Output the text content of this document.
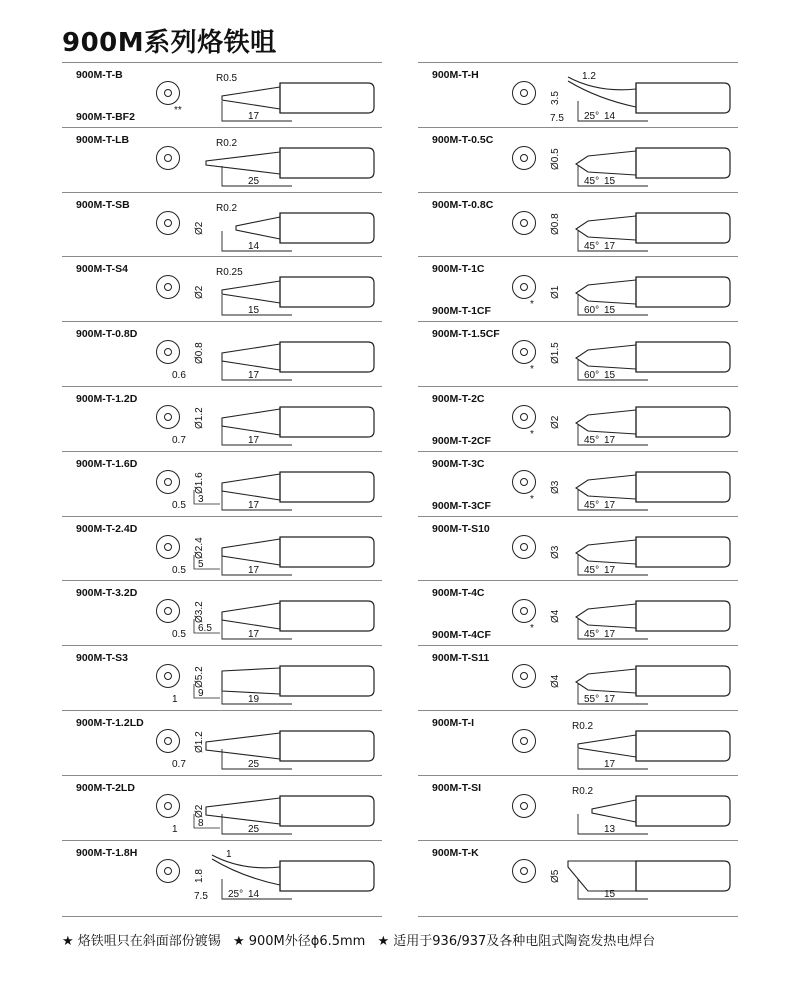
900M系列烙铁咀
900M-T-B
900M-T-BF2
**
17
R0.5
900M-T-LB
25
R0.2
900M-T-SB
14
R0.2
Ø2
900M-T-S4
15
R0.25
Ø2
900M-T-0.8D
17
Ø0.8
0.6
900M-T-1.2D
17
Ø1.2
0.7
900M-T-1.6D
17
3
Ø1.6
0.5
900M-T-2.4D
17
5
Ø2.4
0.5
900M-T-3.2D
17
6.5
Ø3.2
0.5
900M-T-S3
19
9
Ø5.2
1
900M-T-1.2LD
25
Ø1.2
0.7
900M-T-2LD
25
8
Ø2
1
900M-T-1.8H
14
1.8
25°
1
7.5
900M-T-H
14
3.5
25°
1.2
7.5
900M-T-0.5C
15
Ø0.5
45°
900M-T-0.8C
17
Ø0.8
45°
900M-T-1C
900M-T-1CF
*
15
Ø1
60°
900M-T-1.5CF
*
15
Ø1.5
60°
900M-T-2C
900M-T-2CF
*
17
Ø2
45°
900M-T-3C
900M-T-3CF
*
17
Ø3
45°
900M-T-S10
17
Ø3
45°
900M-T-4C
900M-T-4CF
*
17
Ø4
45°
900M-T-S11
17
Ø4
55°
900M-T-I
17
R0.2
900M-T-SI
13
R0.2
900M-T-K
15
Ø5
★ 烙铁咀只在斜面部份镀锡 ★ 900M外径ϕ6.5mm ★ 适用于936/937及各种电阻式陶瓷发热电焊台
